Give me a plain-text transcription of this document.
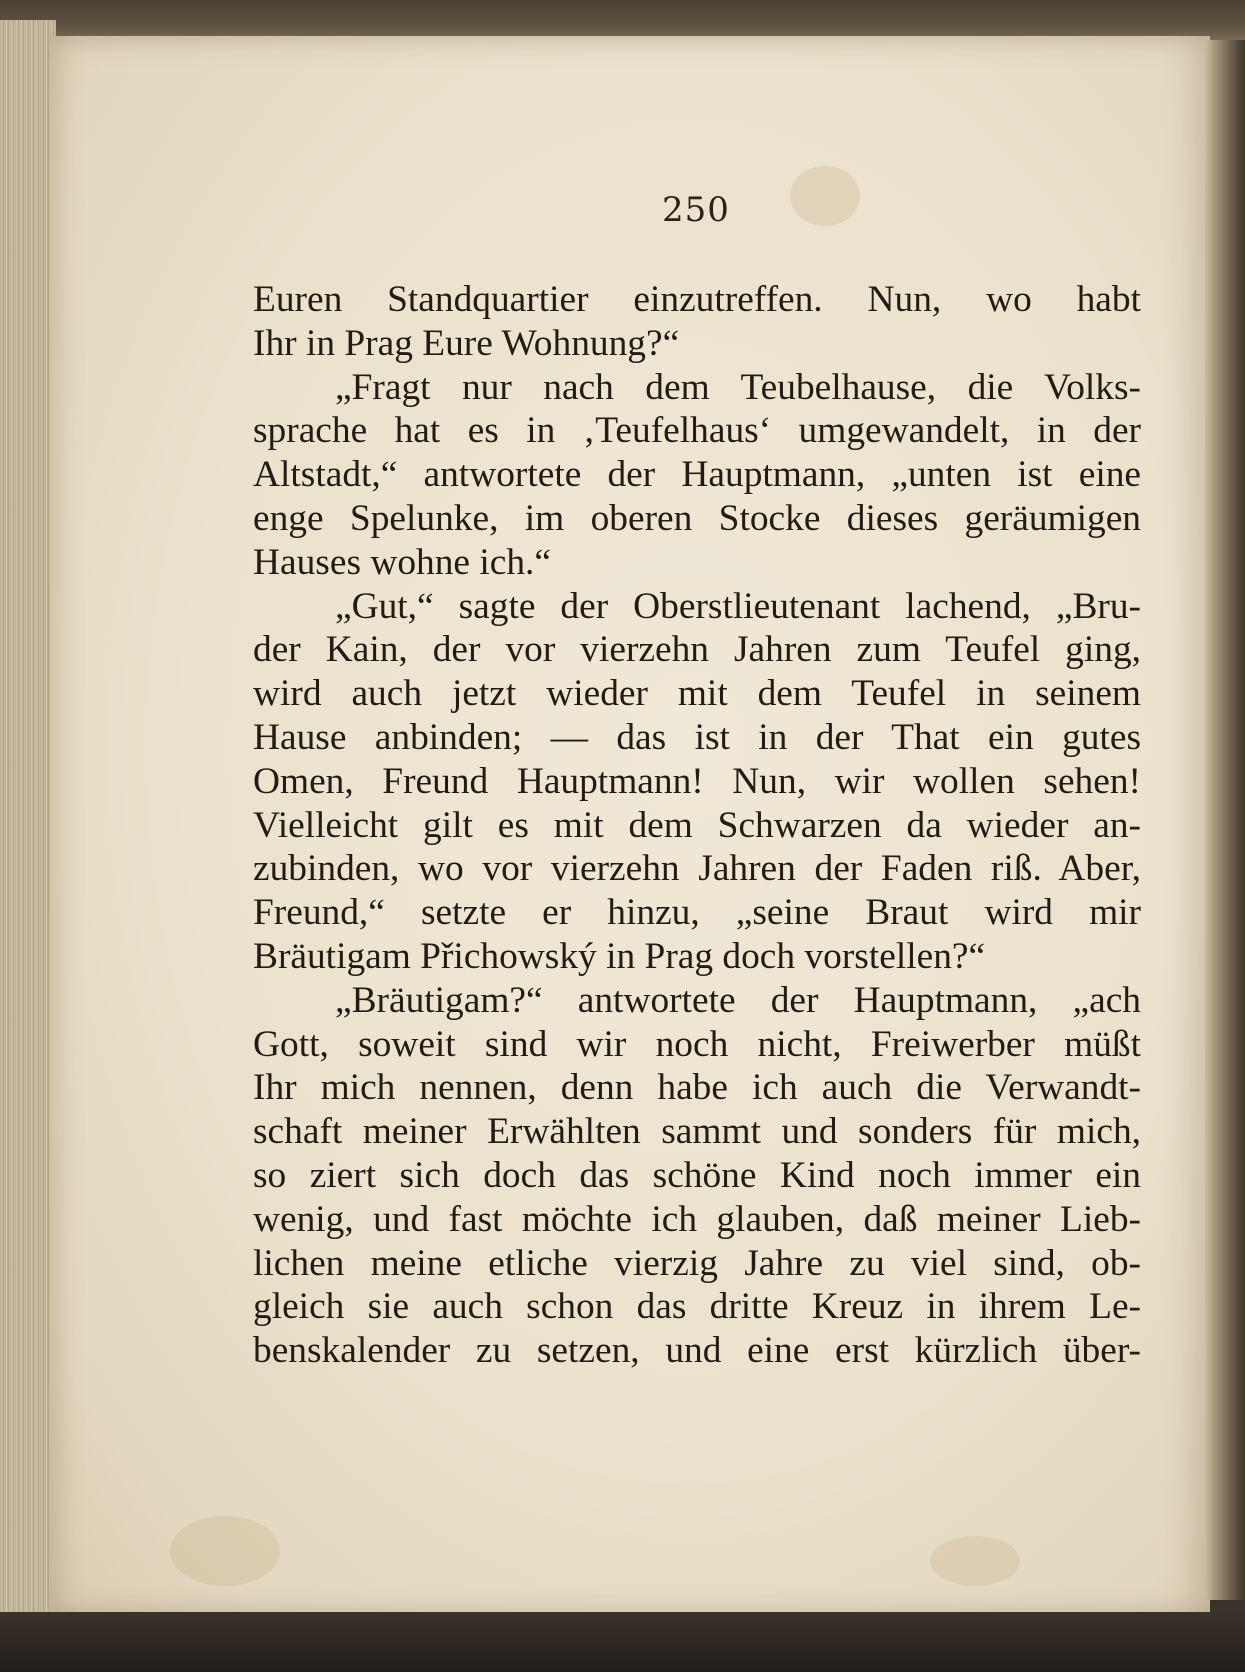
250
Euren Standquartier einzutreffen. Nun, wo habt
Ihr in Prag Eure Wohnung?“
„Fragt nur nach dem Teubelhause, die Volks-
sprache hat es in ‚Teufelhaus‘ umgewandelt, in der
Altstadt,“ antwortete der Hauptmann, „unten ist eine
enge Spelunke, im oberen Stocke dieses geräumigen
Hauses wohne ich.“
„Gut,“ sagte der Oberstlieutenant lachend, „Bru-
der Kain, der vor vierzehn Jahren zum Teufel ging,
wird auch jetzt wieder mit dem Teufel in seinem
Hause anbinden; — das ist in der That ein gutes
Omen, Freund Hauptmann! Nun, wir wollen sehen!
Vielleicht gilt es mit dem Schwarzen da wieder an-
zubinden, wo vor vierzehn Jahren der Faden riß. Aber,
Freund,“ setzte er hinzu, „seine Braut wird mir
Bräutigam Přichowský in Prag doch vorstellen?“
„Bräutigam?“ antwortete der Hauptmann, „ach
Gott, soweit sind wir noch nicht, Freiwerber müßt
Ihr mich nennen, denn habe ich auch die Verwandt-
schaft meiner Erwählten sammt und sonders für mich,
so ziert sich doch das schöne Kind noch immer ein
wenig, und fast möchte ich glauben, daß meiner Lieb-
lichen meine etliche vierzig Jahre zu viel sind, ob-
gleich sie auch schon das dritte Kreuz in ihrem Le-
benskalender zu setzen, und eine erst kürzlich über-
